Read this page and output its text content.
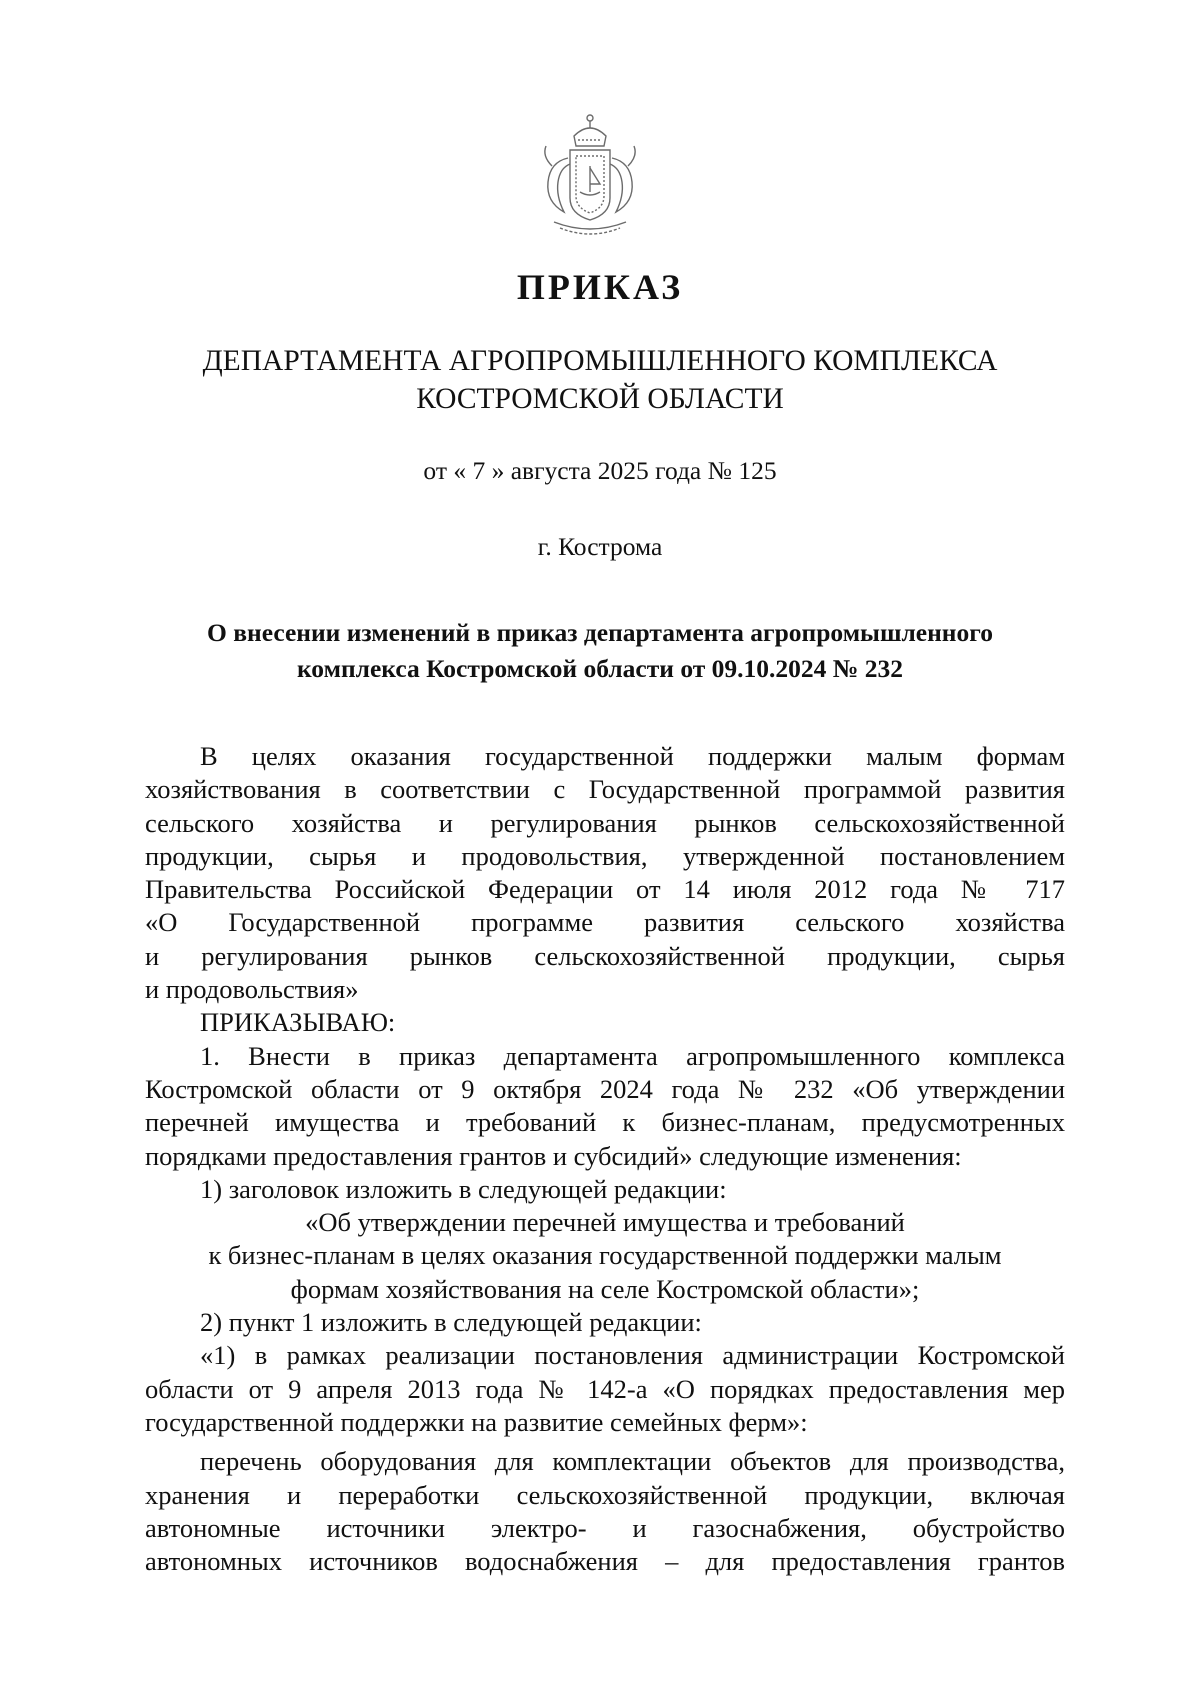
ПРИКАЗ
ДЕПАРТАМЕНТА АГРОПРОМЫШЛЕННОГО КОМПЛЕКСА
КОСТРОМСКОЙ ОБЛАСТИ
от « 7 » августа 2025 года № 125
г. Кострома
О внесении изменений в приказ департамента агропромышленного
комплекса Костромской области от 09.10.2024 № 232

В целях оказания государственной поддержки малым формам

хозяйствования в соответствии с Государственной программой развития

сельского хозяйства и регулирования рынков сельскохозяйственной

продукции, сырья и продовольствия, утвержденной постановлением

Правительства Российской Федерации от 14 июля 2012 года № 717

«О Государственной программе развития сельского хозяйства

и регулирования рынков сельскохозяйственной продукции, сырья

и продовольствия»

ПРИКАЗЫВАЮ:

1. Внести в приказ департамента агропромышленного комплекса

Костромской области от 9 октября 2024 года № 232 «Об утверждении

перечней имущества и требований к бизнес-планам, предусмотренных

порядками предоставления грантов и субсидий» следующие изменения:

1) заголовок изложить в следующей редакции:

«Об утверждении перечней имущества и требований

к бизнес-планам в целях оказания государственной поддержки малым

формам хозяйствования на селе Костромской области»;

2) пункт 1 изложить в следующей редакции:

«1) в рамках реализации постановления администрации Костромской

области от 9 апреля 2013 года № 142-а «О порядках предоставления мер

государственной поддержки на развитие семейных ферм»:

перечень оборудования для комплектации объектов для производства,

хранения и переработки сельскохозяйственной продукции, включая

автономные источники электро- и газоснабжения, обустройство

автономных источников водоснабжения – для предоставления грантов
